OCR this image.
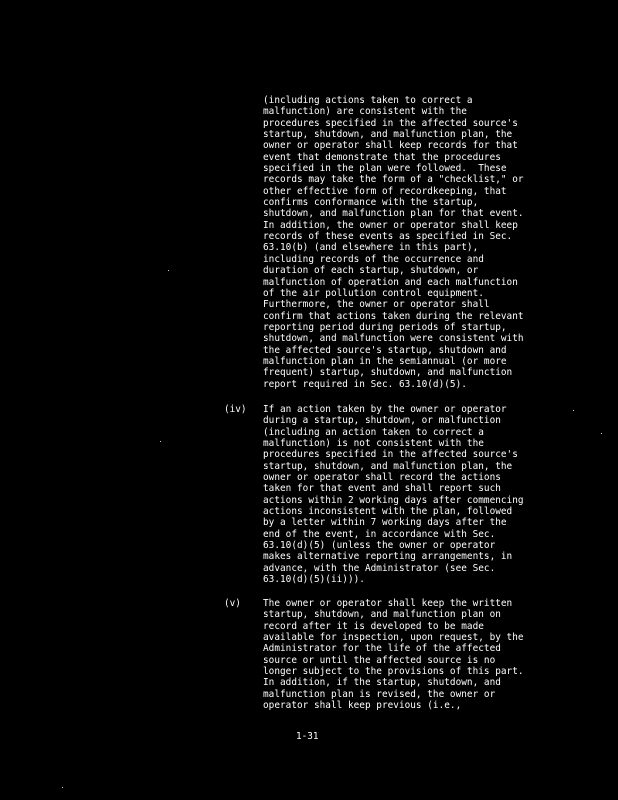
(including actions taken to correct a
malfunction) are consistent with the
procedures specified in the affected source's
startup, shutdown, and malfunction plan, the
owner or operator shall keep records for that
event that demonstrate that the procedures
specified in the plan were followed.  These
records may take the form of a "checklist," or
other effective form of recordkeeping, that
confirms conformance with the startup,
shutdown, and malfunction plan for that event.
In addition, the owner or operator shall keep
records of these events as specified in Sec.
63.10(b) (and elsewhere in this part),
including records of the occurrence and
duration of each startup, shutdown, or
malfunction of operation and each malfunction
of the air pollution control equipment.
Furthermore, the owner or operator shall
confirm that actions taken during the relevant
reporting period during periods of startup,
shutdown, and malfunction were consistent with
the affected source's startup, shutdown and
malfunction plan in the semiannual (or more
frequent) startup, shutdown, and malfunction
report required in Sec. 63.10(d)(5).
(iv) If an action taken by the owner or operator
during a startup, shutdown, or malfunction
(including an action taken to correct a
malfunction) is not consistent with the
procedures specified in the affected source's
startup, shutdown, and malfunction plan, the
owner or operator shall record the actions
taken for that event and shall report such
actions within 2 working days after commencing
actions inconsistent with the plan, followed
by a letter within 7 working days after the
end of the event, in accordance with Sec.
63.10(d)(5) (unless the owner or operator
makes alternative reporting arrangements, in
advance, with the Administrator (see Sec.
63.10(d)(5)(ii))).
(v) The owner or operator shall keep the written
startup, shutdown, and malfunction plan on
record after it is developed to be made
available for inspection, upon request, by the
Administrator for the life of the affected
source or until the affected source is no
longer subject to the provisions of this part.
In addition, if the startup, shutdown, and
malfunction plan is revised, the owner or
operator shall keep previous (i.e.,
1-31
